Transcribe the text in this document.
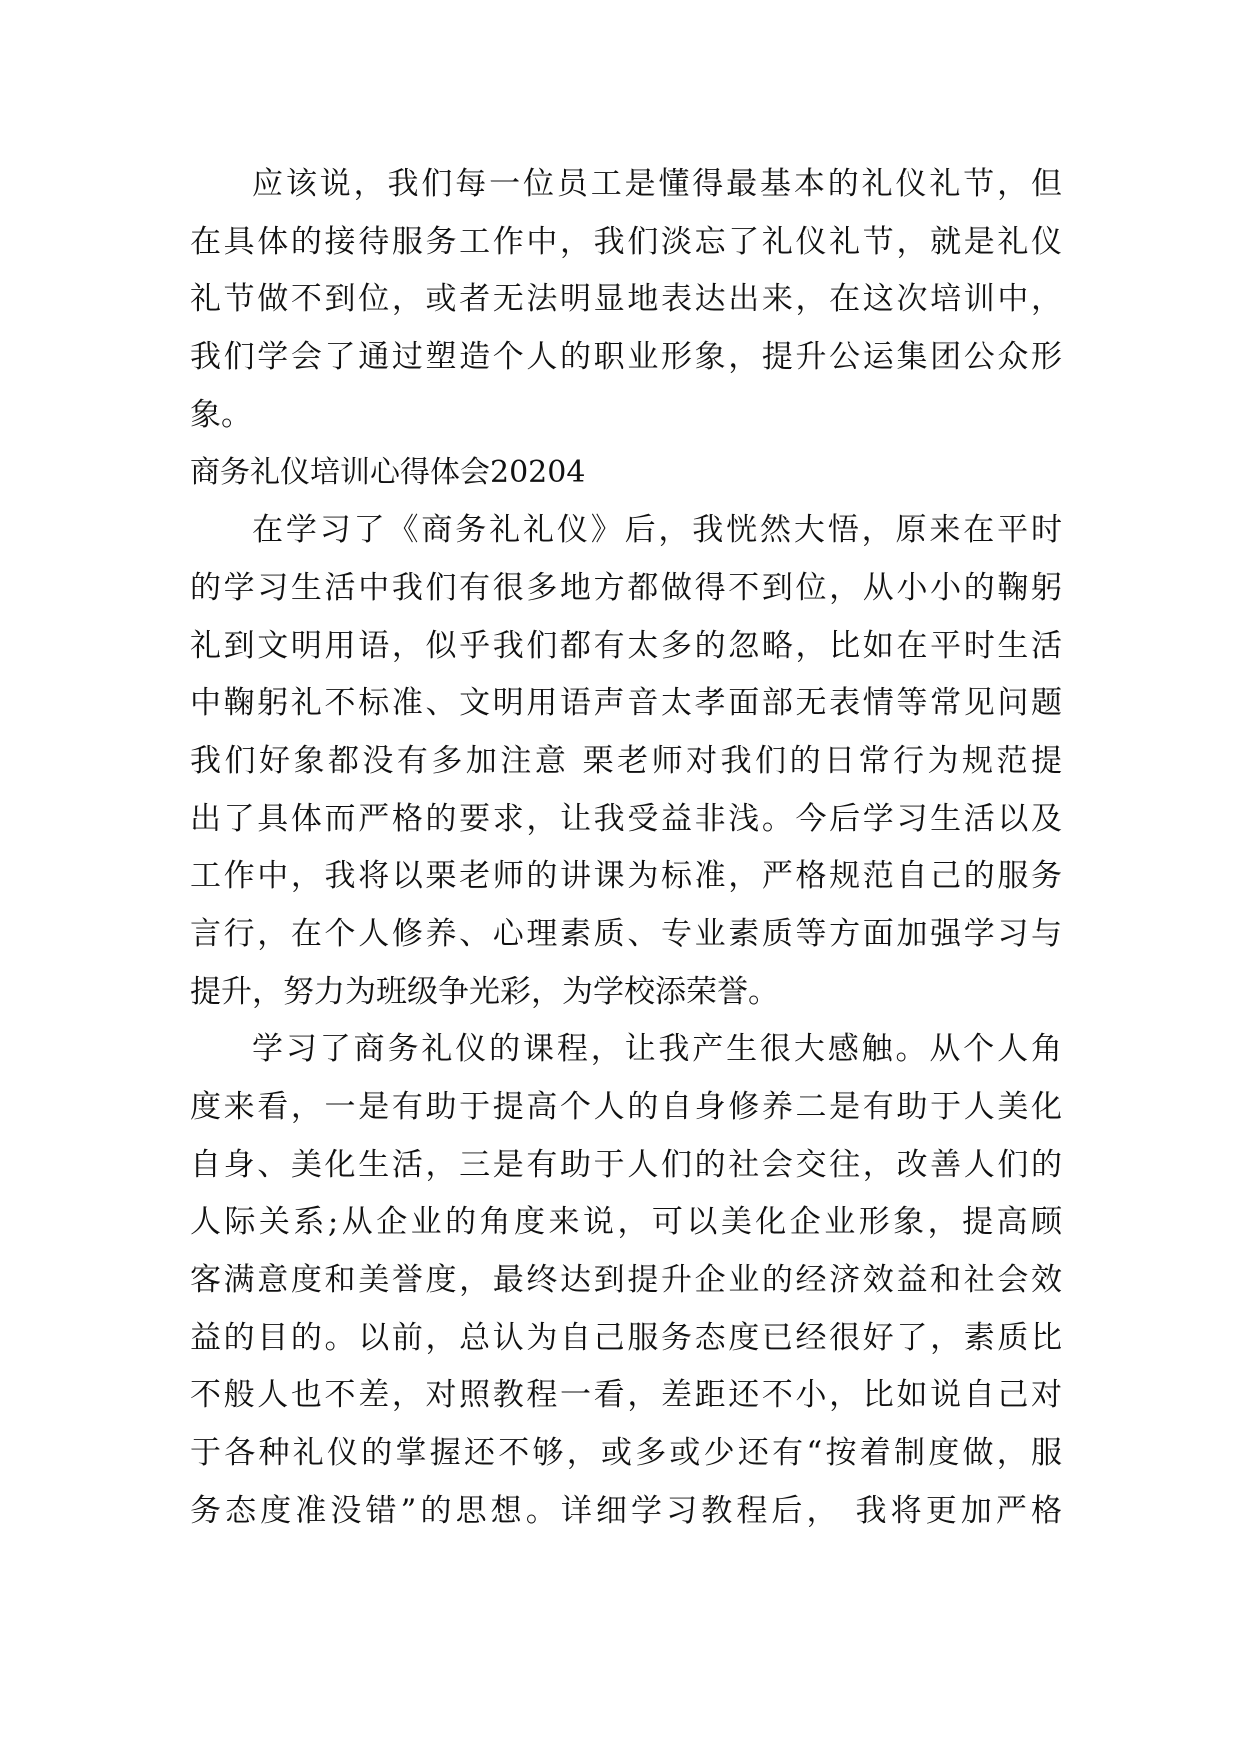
应该说，我们每一位员工是懂得最基本的礼仪礼节，但
在具体的接待服务工作中，我们淡忘了礼仪礼节，就是礼仪
礼节做不到位，或者无法明显地表达出来，在这次培训中，
我们学会了通过塑造个人的职业形象，提升公运集团公众形
象。
商务礼仪培训心得体会20204
在学习了《商务礼礼仪》后，我恍然大悟，原来在平时
的学习生活中我们有很多地方都做得不到位，从小小的鞠躬
礼到文明用语，似乎我们都有太多的忽略，比如在平时生活
中鞠躬礼不标准、文明用语声音太孝面部无表情等常见问题
我们好象都没有多加注意 栗老师对我们的日常行为规范提
出了具体而严格的要求，让我受益非浅。今后学习生活以及
工作中，我将以栗老师的讲课为标准，严格规范自己的服务
言行，在个人修养、心理素质、专业素质等方面加强学习与
提升，努力为班级争光彩，为学校添荣誉。
学习了商务礼仪的课程，让我产生很大感触。从个人角
度来看，一是有助于提高个人的自身修养二是有助于人美化
自身、美化生活，三是有助于人们的社会交往，改善人们的
人际关系;从企业的角度来说，可以美化企业形象，提高顾
客满意度和美誉度，最终达到提升企业的经济效益和社会效
益的目的。以前，总认为自己服务态度已经很好了，素质比
不般人也不差，对照教程一看，差距还不小，比如说自己对
于各种礼仪的掌握还不够，或多或少还有“按着制度做，服
务态度准没错”的思想。详细学习教程后， 我将更加严格
